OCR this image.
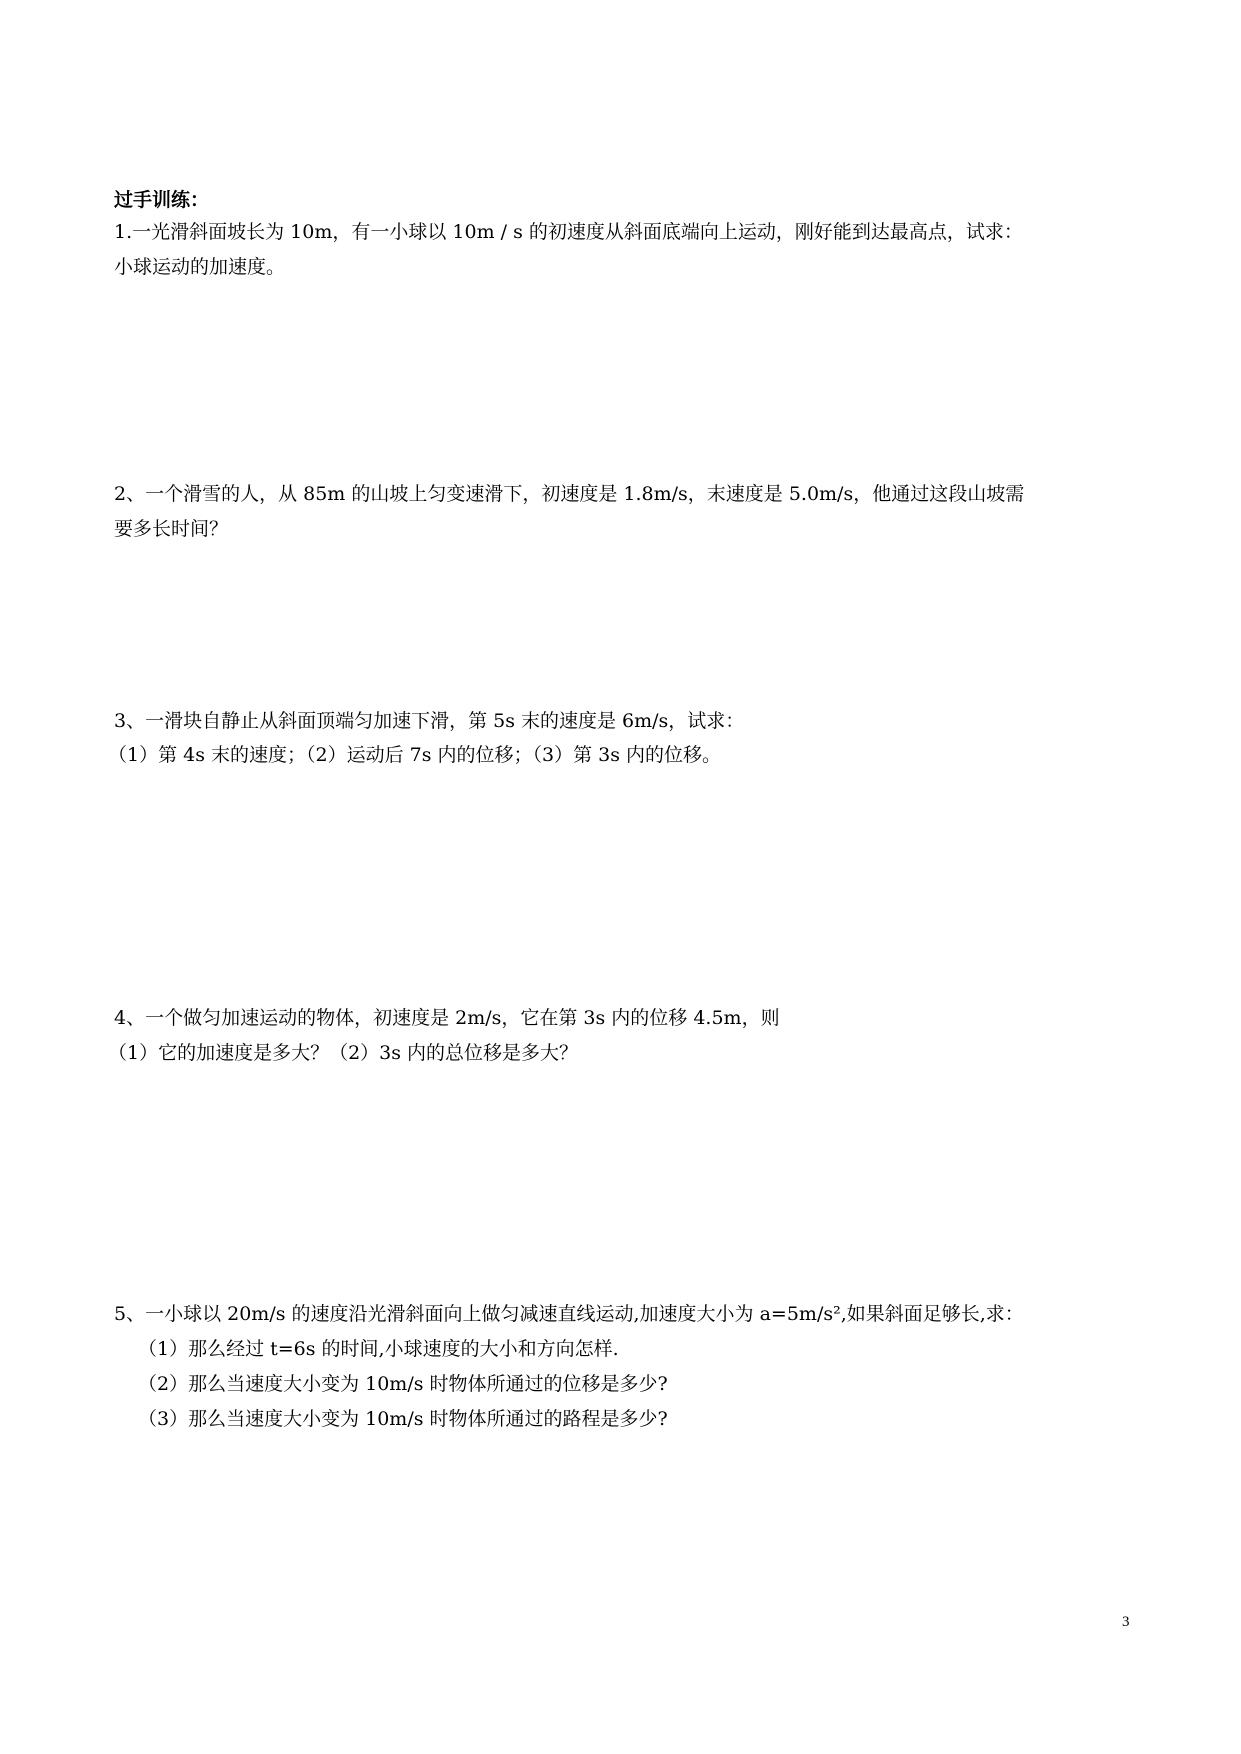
过手训练：
1.一光滑斜面坡长为 10m，有一小球以 10m / s 的初速度从斜面底端向上运动，刚好能到达最高点，试求：
小球运动的加速度。
2、一个滑雪的人，从 85m 的山坡上匀变速滑下，初速度是 1.8m/s，末速度是 5.0m/s，他通过这段山坡需
要多长时间？
3、一滑块自静止从斜面顶端匀加速下滑，第 5s 末的速度是 6m/s，试求：
（1）第 4s 末的速度；（2）运动后 7s 内的位移；（3）第 3s 内的位移。
4、一个做匀加速运动的物体，初速度是 2m/s，它在第 3s 内的位移 4.5m，则
（1）它的加速度是多大？（2）3s 内的总位移是多大？
5、一小球以 20m/s 的速度沿光滑斜面向上做匀减速直线运动,加速度大小为 a=5m/s²,如果斜面足够长,求：
（1）那么经过 t=6s 的时间,小球速度的大小和方向怎样.
（2）那么当速度大小变为 10m/s 时物体所通过的位移是多少?
（3）那么当速度大小变为 10m/s 时物体所通过的路程是多少?
3
